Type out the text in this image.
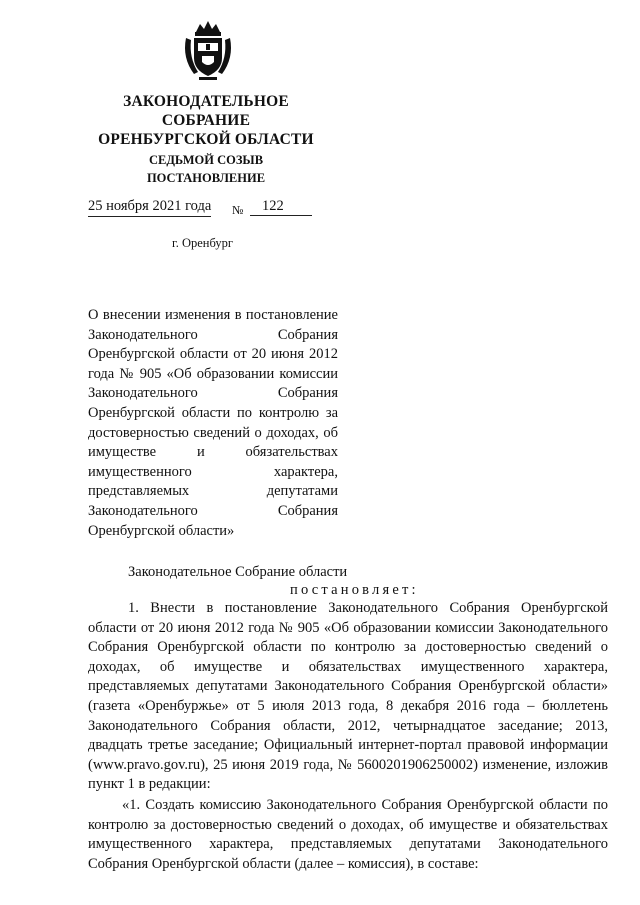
ЗАКОНОДАТЕЛЬНОЕ
СОБРАНИЕ
ОРЕНБУРГСКОЙ ОБЛАСТИ
СЕДЬМОЙ СОЗЫВ
ПОСТАНОВЛЕНИЕ
25 ноября 2021 года №	122
г. Оренбург
О внесении изменения в постановление Законодательного Собрания Оренбургской области от 20 июня 2012 года № 905 «Об образовании комиссии Законодательного Собрания Оренбургской области по контролю за достоверностью сведений о доходах, об имуществе и обязательствах имущественного характера, представляемых депутатами Законодательного Собрания Оренбургской области»
Законодательное Собрание области
постановляет:
1. Внести в постановление Законодательного Собрания Оренбургской области от 20 июня 2012 года № 905 «Об образовании комиссии Законодательного Собрания Оренбургской области по контролю за достоверностью сведений о доходах, об имуществе и обязательствах имущественного характера, представляемых депутатами Законодательного Собрания Оренбургской области» (газета «Оренбуржье» от 5 июля 2013 года, 8 декабря 2016 года – бюллетень Законодательного Собрания области, 2012, четырнадцатое заседание; 2013, двадцать третье заседание; Официальный интернет-портал правовой информации (www.pravo.gov.ru), 25 июня 2019 года, № 5600201906250002) изменение, изложив пункт 1 в редакции:
«1. Создать комиссию Законодательного Собрания Оренбургской области по контролю за достоверностью сведений о доходах, об имуществе и обязательствах имущественного характера, представляемых депутатами Законодательного Собрания Оренбургской области (далее – комиссия), в составе:
